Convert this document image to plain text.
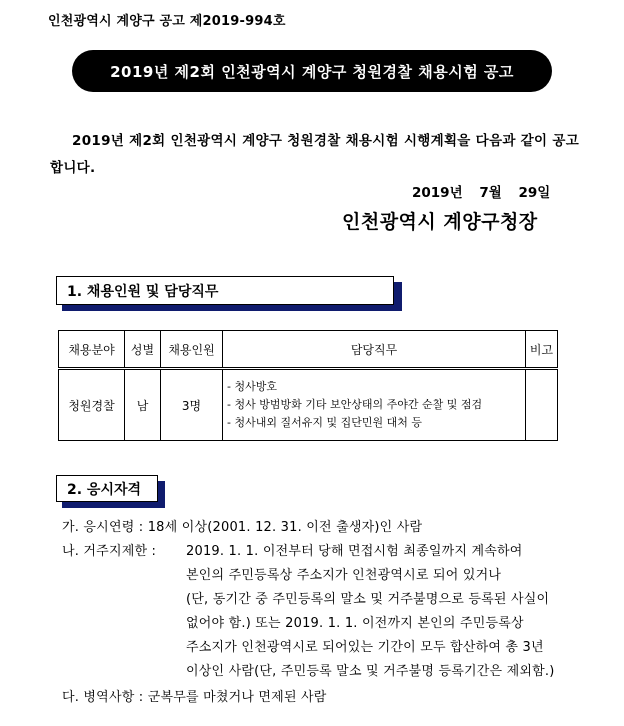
인천광역시 계양구 공고 제2019-994호
2019년 제2회 인천광역시 계양구 청원경찰 채용시험 공고
2019년 제2회 인천광역시 계양구 청원경찰 채용시험 시행계획을 다음과 같이 공고합니다.
2019년 7월 29일
인천광역시 계양구청장
1. 채용인원 및 담당직무
채용분야	성별	채용인원	담당직무	비고
청원경찰	남	3명	- 청사방호
- 청사 방범방화 기타 보안상태의 주야간 순찰 및 점검
- 청사내외 질서유지 및 집단민원 대처 등	

2. 응시자격
가. 응시연령 : 18세 이상(2001. 12. 31. 이전 출생자)인 사람
나. 거주지제한 : 2019. 1. 1. 이전부터 당해 면접시험 최종일까지 계속하여
본인의 주민등록상 주소지가 인천광역시로 되어 있거나
(단, 동기간 중 주민등록의 말소 및 거주불명으로 등록된 사실이
없어야 함.) 또는 2019. 1. 1. 이전까지 본인의 주민등록상
주소지가 인천광역시로 되어있는 기간이 모두 합산하여 총 3년
이상인 사람(단, 주민등록 말소 및 거주불명 등록기간은 제외함.)
다. 병역사항 : 군복무를 마쳤거나 면제된 사람
